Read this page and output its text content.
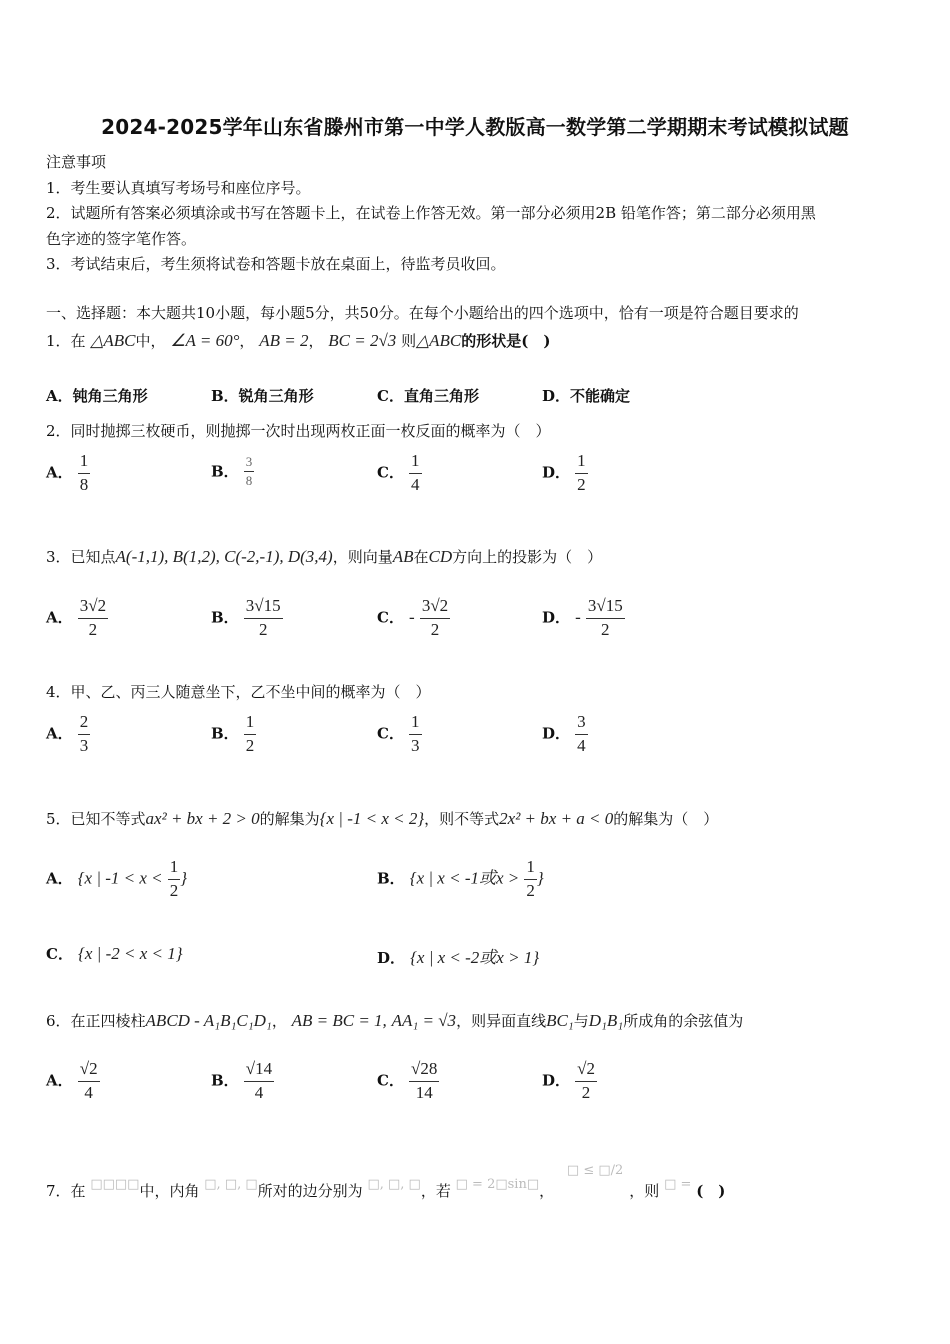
2024-2025学年山东省滕州市第一中学人教版高一数学第二学期期末考试模拟试题
注意事项
1．考生要认真填写考场号和座位序号。
2．试题所有答案必须填涂或书写在答题卡上，在试卷上作答无效。第一部分必须用2B 铅笔作答；第二部分必须用黑
色字迹的签字笔作答。
3．考试结束后，考生须将试卷和答题卡放在桌面上，待监考员收回。
一、选择题：本大题共10小题，每小题5分，共50分。在每个小题给出的四个选项中，恰有一项是符合题目要求的
1．在 △ABC中， ∠A = 60°， AB = 2， BC = 2√3 则△ABC的形状是(　)
A．钝角三角形	B．锐角三角形	C．直角三角形	D．不能确定
2．同时抛掷三枚硬币，则抛掷一次时出现两枚正面一枚反面的概率为（　）
A． $\frac{1}{8}$	B． $\frac{3}{8}$	C． $\frac{1}{4}$	D． $\frac{1}{2}$
3．已知点A(-1,1), B(1,2), C(-2,-1), D(3,4)，则向量AB在CD方向上的投影为（　）
A． $\frac{3√2}{2}$	B． $\frac{3√15}{2}$	C． - $\frac{3√2}{2}$	D． - $\frac{3√15}{2}$
4．甲、乙、丙三人随意坐下，乙不坐中间的概率为（　）
A． $\frac{2}{3}$	B． $\frac{1}{2}$	C． $\frac{1}{3}$	D． $\frac{3}{4}$
5．已知不等式ax² + bx + 2 > 0的解集为{x | -1 < x < 2}，则不等式2x² + bx + a < 0的解集为（　）
A． {x | $-1 < x < \frac{1}{2}$ }	B． {x | x < -1或$x > \frac{1}{2}$ }
C． {x | -2 < x < 1}	D． {x | x < -2或x > 1}
6．在正四棱柱ABCD - A₁B₁C₁D₁， AB = BC = 1, AA₁ = √3，则异面直线BC₁与D₁B₁所成角的余弦值为
A． $\frac{√2}{4}$	B． $\frac{√14}{4}$	C． $\frac{√28}{14}$	D． $\frac{√2}{2}$
7．在 □□□□中，内角 □, □, □所对的边分别为 □, □, □，若 □ = 2□sin□， □ ≤ □/2，则 □ = (　)
